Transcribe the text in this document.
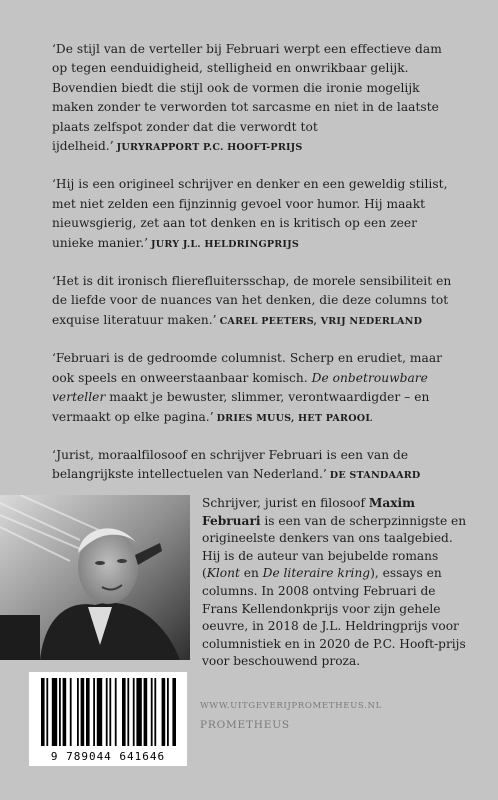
‘De stijl van de verteller bij Februari werpt een effectieve dam op tegen eenduidigheid, stelligheid en onwrikbaar gelijk. Bovendien biedt die stijl ook de vormen die ironie mogelijk maken zonder te verworden tot sarcasme en niet in de laatste plaats zelfspot zonder dat die verwordt tot ijdelheid.’ JURYRAPPORT P.C. HOOFT-PRIJS

‘Hij is een origineel schrijver en denker en een geweldig stilist, met niet zelden een fijnzinnig gevoel voor humor. Hij maakt nieuwsgierig, zet aan tot denken en is kritisch op een zeer unieke manier.’ JURY J.L. HELDRINGPRIJS

‘Het is dit ironisch flierefluitersschap, de morele sensibiliteit en de liefde voor de nuances van het denken, die deze columns tot exquise literatuur maken.’ CAREL PEETERS, VRIJ NEDERLAND

‘Februari is de gedroomde columnist. Scherp en erudiet, maar ook speels en onweerstaanbaar komisch. De onbetrouwbare verteller maakt je bewuster, slimmer, verontwaardigder – en vermaakt op elke pagina.’ DRIES MUUS, HET PAROOL

‘Jurist, moraalfilosoof en schrijver Februari is een van de belangrijkste intellectuelen van Nederland.’ DE STANDAARD

Schrijver, jurist en filosoof Maxim Februari is een van de scherpzinnigste en origineelste denkers van ons taalgebied. Hij is de auteur van bejubelde romans (Klont en De literaire kring), essays en columns. In 2008 ontving Februari de Frans Kellendonkprijs voor zijn gehele oeuvre, in 2018 de J.L. Heldringprijs voor columnistiek en in 2020 de P.C. Hooft-prijs voor beschouwend proza.
9 789044 641646
WWW.UITGEVERIJPROMETHEUS.NL
PROMETHEUS
